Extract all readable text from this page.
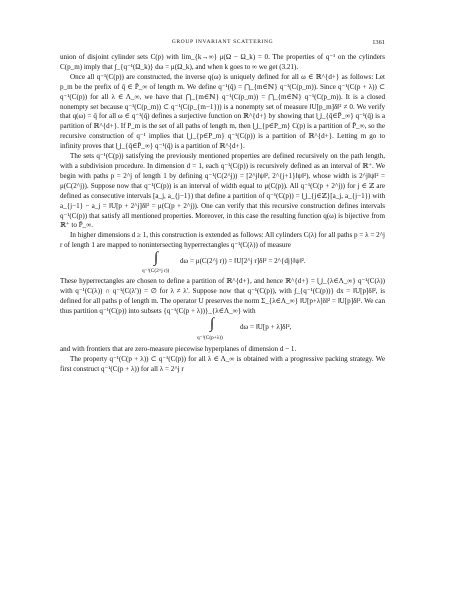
GROUP INVARIANT SCATTERING	1361

union of disjoint cylinder sets C(p) with lim_{k→∞} μ(Ω − Ω_k) = 0. The properties of q⁻¹ on the cylinders C(p_m) imply that ∫_{q⁻¹(Ω_k)} dω = μ(Ω_k), and when k goes to ∞ we get (3.21).

Once all q⁻¹(C(p)) are constructed, the inverse q(ω) is uniquely defined for all ω ∈ ℝ^{d+} as follows: Let p_m be the prefix of q̄ ∈ P̄_∞ of length m. We define q⁻¹(q̄) = ⋂_{m∈ℕ} q⁻¹(C(p_m)). Since q⁻¹(C(p + λ)) ⊂ q⁻¹(C(p)) for all λ ∈ Λ_∞, we have that ⋂_{m∈ℕ} q⁻¹(C(p_m)) = ⋂_{m∈ℕ} q⁻¹(C(p_m)). It is a closed nonempty set because q⁻¹(C(p_m)) ⊂ q⁻¹(C(p_{m−1})) is a nonempty set of measure ‖U[p_m]δ‖² ≠ 0. We verify that q(ω) = q̄ for all ω ∈ q⁻¹(q̄) defines a surjective function on ℝ^{d+} by showing that ⋃_{q̄∈P̄_∞} q⁻¹(q̄) is a partition of ℝ^{d+}. If P_m is the set of all paths of length m, then ⋃_{p∈P_m} C(p) is a partition of P̄_∞, so the recursive construction of q⁻¹ implies that ⋃_{p∈P_m} q⁻¹(C(p)) is a partition of ℝ^{d+}. Letting m go to infinity proves that ⋃_{q̄∈P̄_∞} q⁻¹(q̄) is a partition of ℝ^{d+}.

The sets q⁻¹(C(p)) satisfying the previously mentioned properties are defined recursively on the path length, with a subdivision procedure. In dimension d = 1, each q⁻¹(C(p)) is recursively defined as an interval of ℝ⁺. We begin with paths p = 2^j of length 1 by defining q⁻¹(C(2^j)) = [2^j‖ψ‖², 2^{j+1}‖ψ‖²), whose width is 2^j‖ψ‖² = μ(C(2^j)). Suppose now that q⁻¹(C(p)) is an interval of width equal to μ(C(p)). All q⁻¹(C(p + 2^j)) for j ∈ ℤ are defined as consecutive intervals [a_j, a_{j−1}) that define a partition of q⁻¹(C(p)) = ⋃_{j∈ℤ}[a_j, a_{j−1}) with a_{j−1} − a_j = ‖U[p + 2^j]δ‖² = μ(C(p + 2^j)). One can verify that this recursive construction defines intervals q⁻¹(C(p)) that satisfy all mentioned properties. Moreover, in this case the resulting function q(ω) is bijective from ℝ⁺ to P̄_∞.

In higher dimensions d ≥ 1, this construction is extended as follows: All cylinders C(λ) for all paths p = λ = 2^j r of length 1 are mapped to nonintersecting hyperrectangles q⁻¹(C(λ)) of measure

∫
q⁻¹(C(2^j r))
dω = μ(C(2^j r)) = ‖U[2^j r]δ‖² = 2^{dj}‖ψ‖².

These hyperrectangles are chosen to define a partition of ℝ^{d+}, and hence ℝ^{d+} = ⋃_{λ∈Λ_∞} q⁻¹(C(λ)) with q⁻¹(C(λ)) ∩ q⁻¹(C(λ′)) = ∅ for λ ≠ λ′. Suppose now that q⁻¹(C(p)), with ∫_{q⁻¹(C(p))} dx = ‖U[p]δ‖², is defined for all paths p of length m. The operator U preserves the norm Σ_{λ∈Λ_∞} ‖U[p+λ]δ‖² = ‖U[p]δ‖². We can thus partition q⁻¹(C(p)) into subsets {q⁻¹(C(p + λ))}_{λ∈Λ_∞} with

∫
q⁻¹(C(p+λ))
dω = ‖U[p + λ]δ‖²,

and with frontiers that are zero-measure piecewise hyperplanes of dimension d − 1.

The property q⁻¹(C(p + λ)) ⊂ q⁻¹(C(p)) for all λ ∈ Λ_∞ is obtained with a progressive packing strategy. We first construct q⁻¹(C(p + λ)) for all λ = 2^j r
